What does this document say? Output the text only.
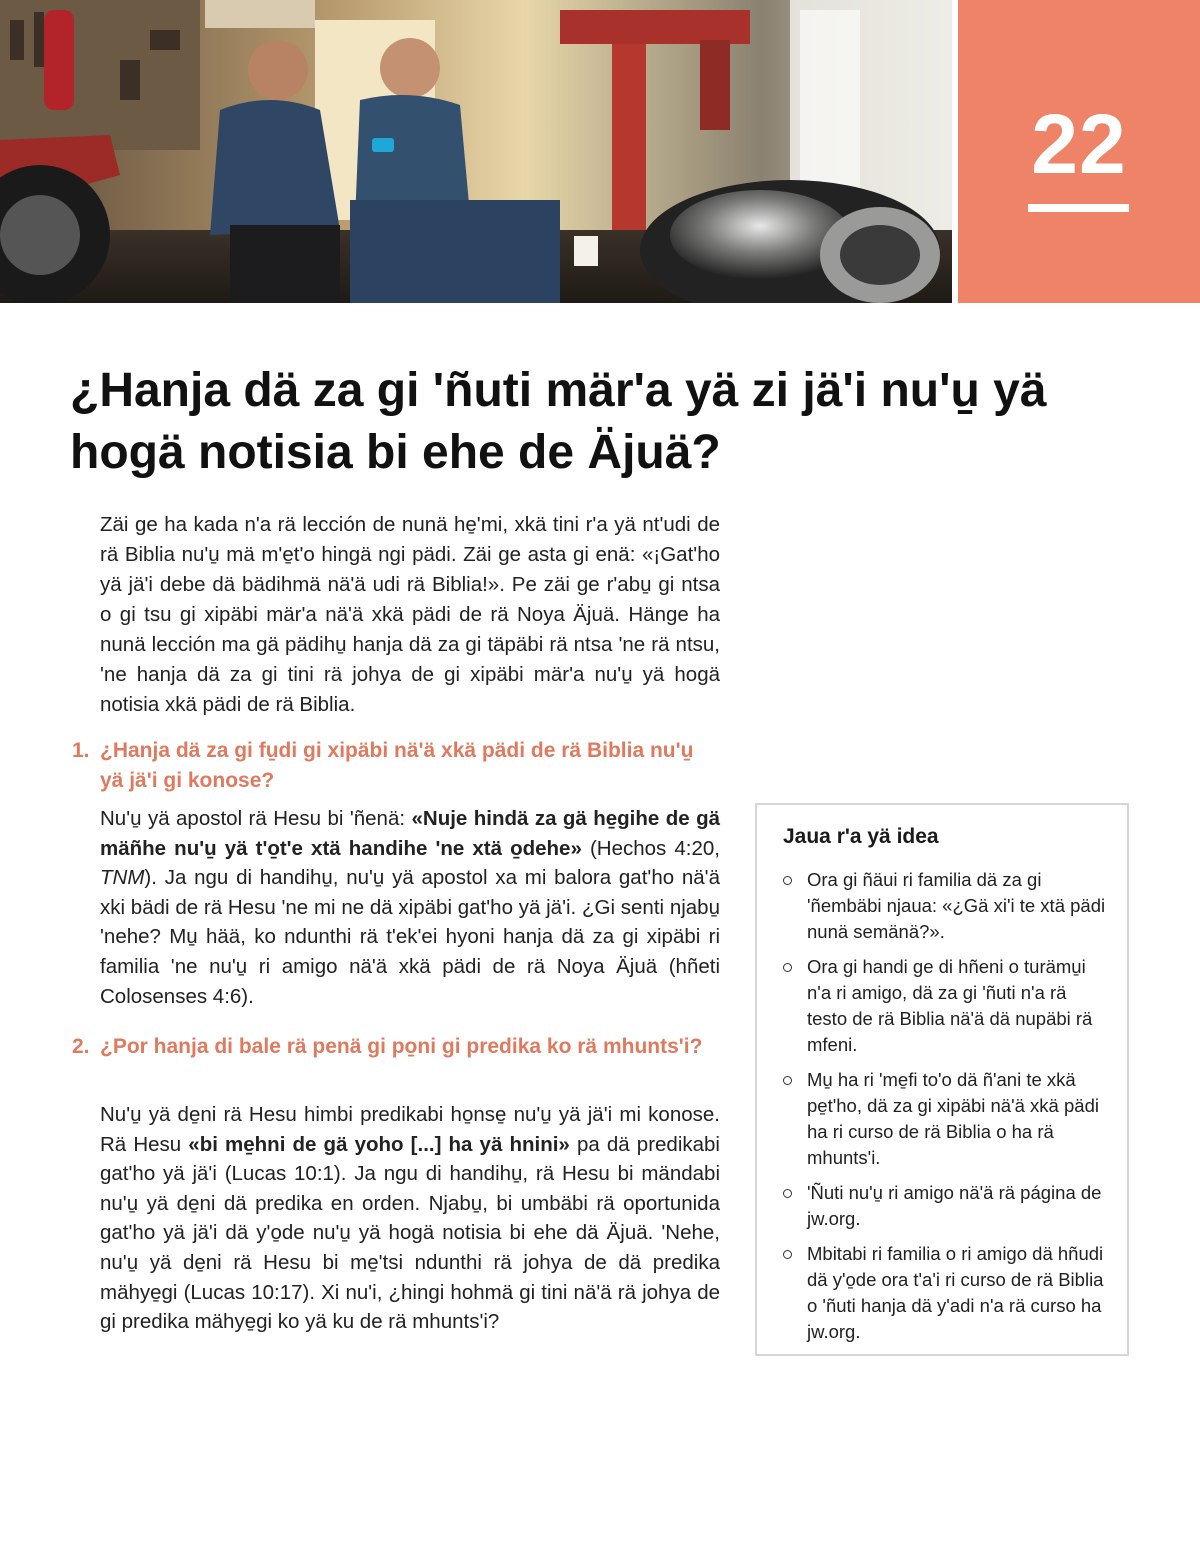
22
¿Hanja dä za gi 'ñuti mär'a yä zi jä'i nu'u̱ yä hogä notisia bi ehe de Äjuä?

Zäi ge ha kada n'a rä lección de nunä he̱'mi, xkä tini r'a yä nt'udi de rä Biblia nu'u̱ mä m'e̱t'o hingä ngi pädi. Zäi ge asta gi enä: «¡Gat'ho yä jä'i debe dä bädihmä nä'ä udi rä Biblia!». Pe zäi ge r'abu̱ gi ntsa o gi tsu gi xipäbi mär'a nä'ä xkä pädi de rä Noya Äjuä. Hänge ha nunä lección ma gä pädihu̱ hanja dä za gi täpäbi rä ntsa 'ne rä ntsu, 'ne hanja dä za gi tini rä johya de gi xipäbi mär'a nu'u̱ yä hogä notisia xkä pädi de rä Biblia.

1. ¿Hanja dä za gi fu̱di gi xipäbi nä'ä xkä pädi de rä Biblia nu'u̱ yä jä'i gi konose?

Nu'u̱ yä apostol rä Hesu bi 'ñenä: «Nuje hindä za gä he̱gihe de gä mäñhe nu'u̱ yä t'o̱t'e xtä handihe 'ne xtä o̱dehe» (Hechos 4:20, TNM). Ja ngu di handihu̱, nu'u̱ yä apostol xa mi balora gat'ho nä'ä xki bädi de rä Hesu 'ne mi ne dä xipäbi gat'ho yä jä'i. ¿Gi senti njabu̱ 'nehe? Mu̱ hää, ko ndunthi rä t'ek'ei hyoni hanja dä za gi xipäbi ri familia 'ne nu'u̱ ri amigo nä'ä xkä pädi de rä Noya Äjuä (hñeti Colosenses 4:6).

2. ¿Por hanja di bale rä penä gi po̱ni gi predika ko rä mhunts'i?

Nu'u̱ yä de̱ni rä Hesu himbi predikabi ho̱nse̱ nu'u̱ yä jä'i mi konose. Rä Hesu «bi me̱hni de gä yoho [...] ha yä hnini» pa dä predikabi gat'ho yä jä'i (Lucas 10:1). Ja ngu di handihu̱, rä Hesu bi mändabi nu'u̱ yä de̱ni dä predika en orden. Njabu̱, bi umbäbi rä oportunida gat'ho yä jä'i dä y'o̱de nu'u̱ yä hogä notisia bi ehe dä Äjuä. 'Nehe, nu'u̱ yä de̱ni rä Hesu bi me̱'tsi ndunthi rä johya de dä predika mähye̱gi (Lucas 10:17). Xi nu'i, ¿hingi hohmä gi tini nä'ä rä johya de gi predika mähye̱gi ko yä ku de rä mhunts'i?

Jaua r'a yä idea
Ora gi ñäui ri familia dä za gi 'ñembäbi njaua: «¿Gä xi'i te xtä pädi nunä semänä?».
Ora gi handi ge di hñeni o turämu̱i n'a ri amigo, dä za gi 'ñuti n'a rä testo de rä Biblia nä'ä dä nupäbi rä mfeni.
Mu̱ ha ri 'me̱fi to'o dä ñ'ani te xkä pe̱t'ho, dä za gi xipäbi nä'ä xkä pädi ha ri curso de rä Biblia o ha rä mhunts'i.
'Ñuti nu'u̱ ri amigo nä'ä rä página de jw.org.
Mbitabi ri familia o ri amigo dä hñudi dä y'o̱de ora t'a'i ri curso de rä Biblia o 'ñuti hanja dä y'adi n'a rä curso ha jw.org.
